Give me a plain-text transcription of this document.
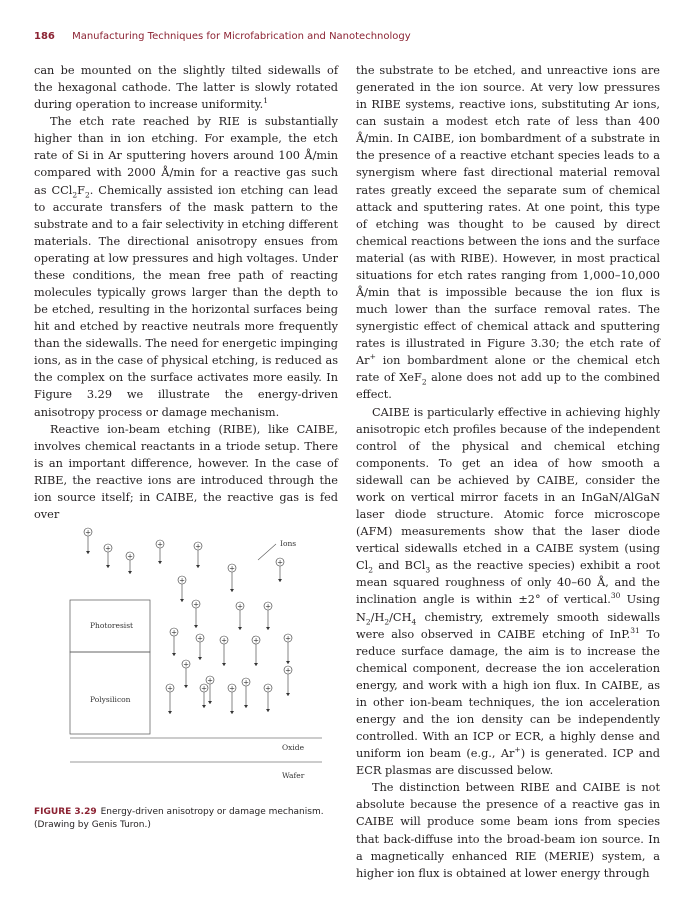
186 Manufacturing Techniques for Microfabrication and Nanotechnology

can be mounted on the slightly tilted sidewalls of the hexagonal cathode. The latter is slowly rotated during operation to increase uniformity.$^1$

The etch rate reached by RIE is substantially higher than in ion etching. For example, the etch rate of Si in Ar sputtering hovers around 100 Å/min compared with 2000 Å/min for a reactive gas such as $CCl_2F_2$. Chemically assisted ion etching can lead to accurate transfers of the mask pattern to the substrate and to a fair selectivity in etching different materials. The directional anisotropy ensues from operating at low pressures and high voltages. Under these conditions, the mean free path of reacting molecules typically grows larger than the depth to be etched, resulting in the horizontal surfaces being hit and etched by reactive neutrals more frequently than the sidewalls. The need for energetic impinging ions, as in the case of physical etching, is reduced as the complex on the surface activates more easily. In Figure 3.29 we illustrate the energy-driven anisotropy process or damage mechanism.

Reactive ion-beam etching (RIBE), like CAIBE, involves chemical reactants in a triode setup. There is an important difference, however. In the case of RIBE, the reactive ions are introduced through the ion source itself; in CAIBE, the reactive gas is fed over

the substrate to be etched, and unreactive ions are generated in the ion source. At very low pressures in RIBE systems, reactive ions, substituting Ar ions, can sustain a modest etch rate of less than 400 Å/min. In CAIBE, ion bombardment of a substrate in the presence of a reactive etchant species leads to a synergism where fast directional material removal rates greatly exceed the separate sum of chemical attack and sputtering rates. At one point, this type of etching was thought to be caused by direct chemical reactions between the ions and the surface material (as with RIBE). However, in most practical situations for etch rates ranging from 1,000–10,000 Å/min that is impossible because the ion flux is much lower than the surface removal rates. The synergistic effect of chemical attack and sputtering rates is illustrated in Figure 3.30; the etch rate of Ar+ ion bombardment alone or the chemical etch rate of XeF$_2$ alone does not add up to the combined effect.

CAIBE is particularly effective in achieving highly anisotropic etch profiles because of the independent control of the physical and chemical etching components. To get an idea of how smooth a sidewall can be achieved by CAIBE, consider the work on vertical mirror facets in an InGaN/AlGaN laser diode structure. Atomic force microscope (AFM) measurements show that the laser diode vertical sidewalls etched in a CAIBE system (using $Cl_2$ and BCl$_3$ as the reactive species) exhibit a root mean squared roughness of only 40–60 Å, and the inclination angle is within ±2° of vertical.$^{30}$ Using $N_2/H_2/CH_4$ chemistry, extremely smooth sidewalls were also observed in CAIBE etching of InP.$^{31}$ To reduce surface damage, the aim is to increase the chemical component, decrease the ion acceleration energy, and work with a high ion flux. In CAIBE, as in other ion-beam techniques, the ion acceleration energy and the ion density can be independently controlled. With an ICP or ECR, a highly dense and uniform ion beam (e.g., Ar+) is generated. ICP and ECR plasmas are discussed below.

The distinction between RIBE and CAIBE is not absolute because the presence of a reactive gas in CAIBE will produce some beam ions from species that back-diffuse into the broad-beam ion source. In a magnetically enhanced RIE (MERIE) system, a higher ion flux is obtained at lower energy through

Ions
Photoresist
Polysilicon
Oxide
Wafer
+
+
+
+	+
+
+
+
+	+	+
+
+	+	+	+
+
+
+	+	+
+
+
+
FIGURE 3.29 Energy-driven anisotropy or damage mechanism. (Drawing by Genis Turon.)
